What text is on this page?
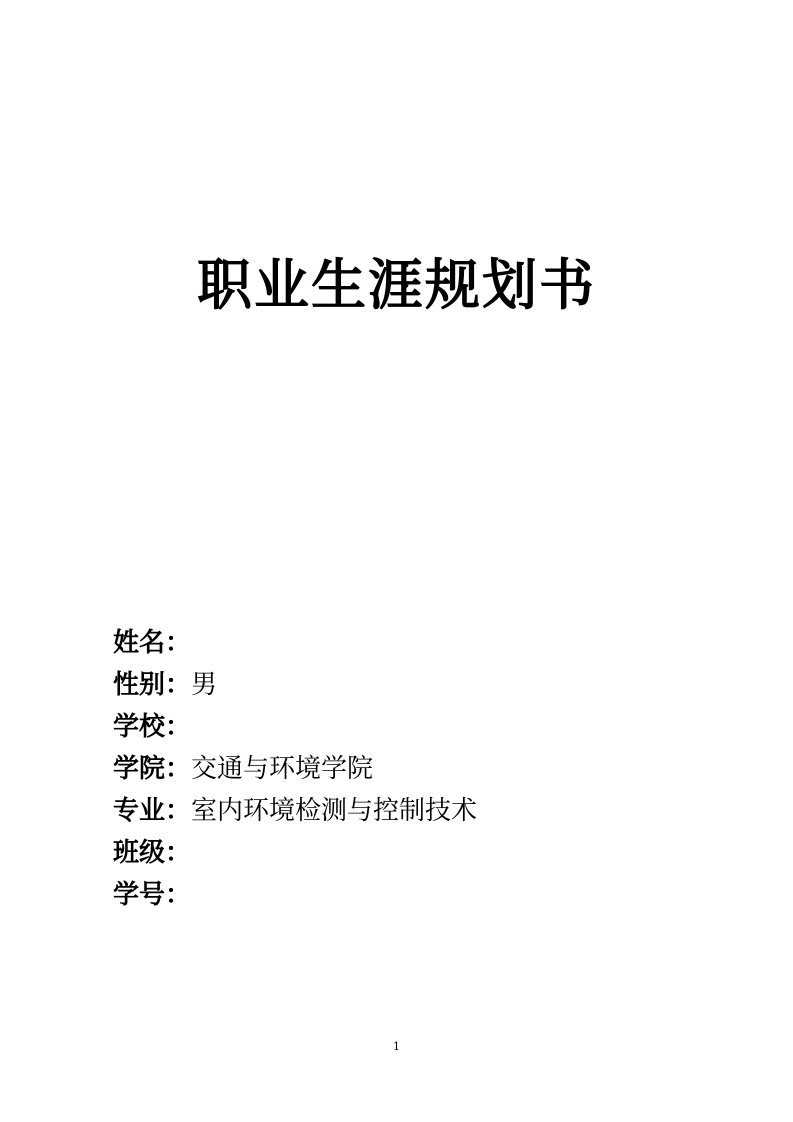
职业生涯规划书
姓名：
性别：男
学校：
学院：交通与环境学院
专业：室内环境检测与控制技术
班级：
学号：
1
